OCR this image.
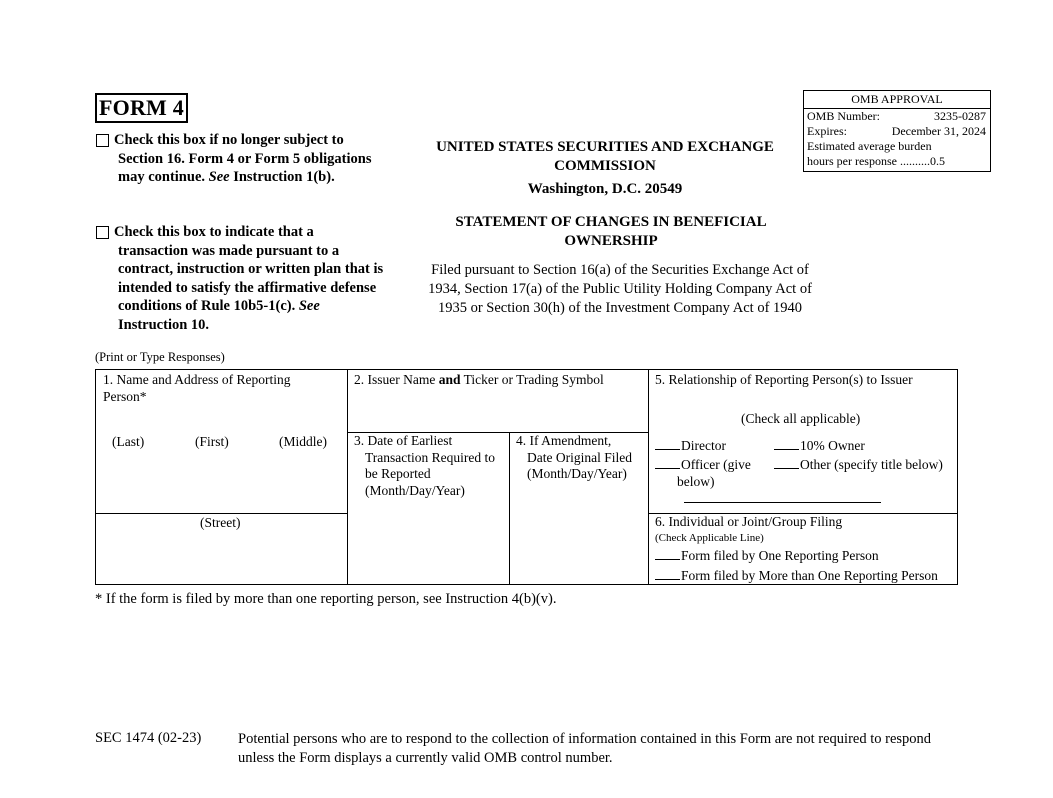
FORM 4
Check this box if no longer subject to
Section 16. Form 4 or Form 5 obligations may continue. See Instruction 1(b).
Check this box to indicate that a
transaction was made pursuant to a contract, instruction or written plan that is intended to satisfy the affirmative defense conditions of Rule 10b5-1(c). See Instruction 10.
UNITED STATES SECURITIES AND EXCHANGE
COMMISSION
Washington, D.C. 20549
STATEMENT OF CHANGES IN BENEFICIAL
OWNERSHIP
Filed pursuant to Section 16(a) of the Securities Exchange Act of
1934, Section 17(a) of the Public Utility Holding Company Act of
1935 or Section 30(h) of the Investment Company Act of 1940
OMB APPROVAL
OMB Number:	3235-0287
Expires:	December 31, 2024
Estimated average burden
hours per response
.......... 0.5
(Print or Type Responses)
1. Name and Address of Reporting
Person*
(Last)	(First)	(Middle)
(Street)
2. Issuer Name and Ticker or Trading Symbol
3. Date of Earliest
Transaction Required to
be Reported
(Month/Day/Year)
4. If Amendment,
Date Original Filed
(Month/Day/Year)
5. Relationship of Reporting Person(s) to Issuer
(Check all applicable)
Director	10% Owner
Officer (give
below)
Other (specify title below)
6. Individual or Joint/Group Filing
(Check Applicable Line)
Form filed by One Reporting Person
Form filed by More than One Reporting Person
* If the form is filed by more than one reporting person, see Instruction 4(b)(v).
SEC 1474 (02-23)	Potential persons who are to respond to the collection of information contained in this Form are not required to respond unless the Form displays a currently valid OMB control number.
